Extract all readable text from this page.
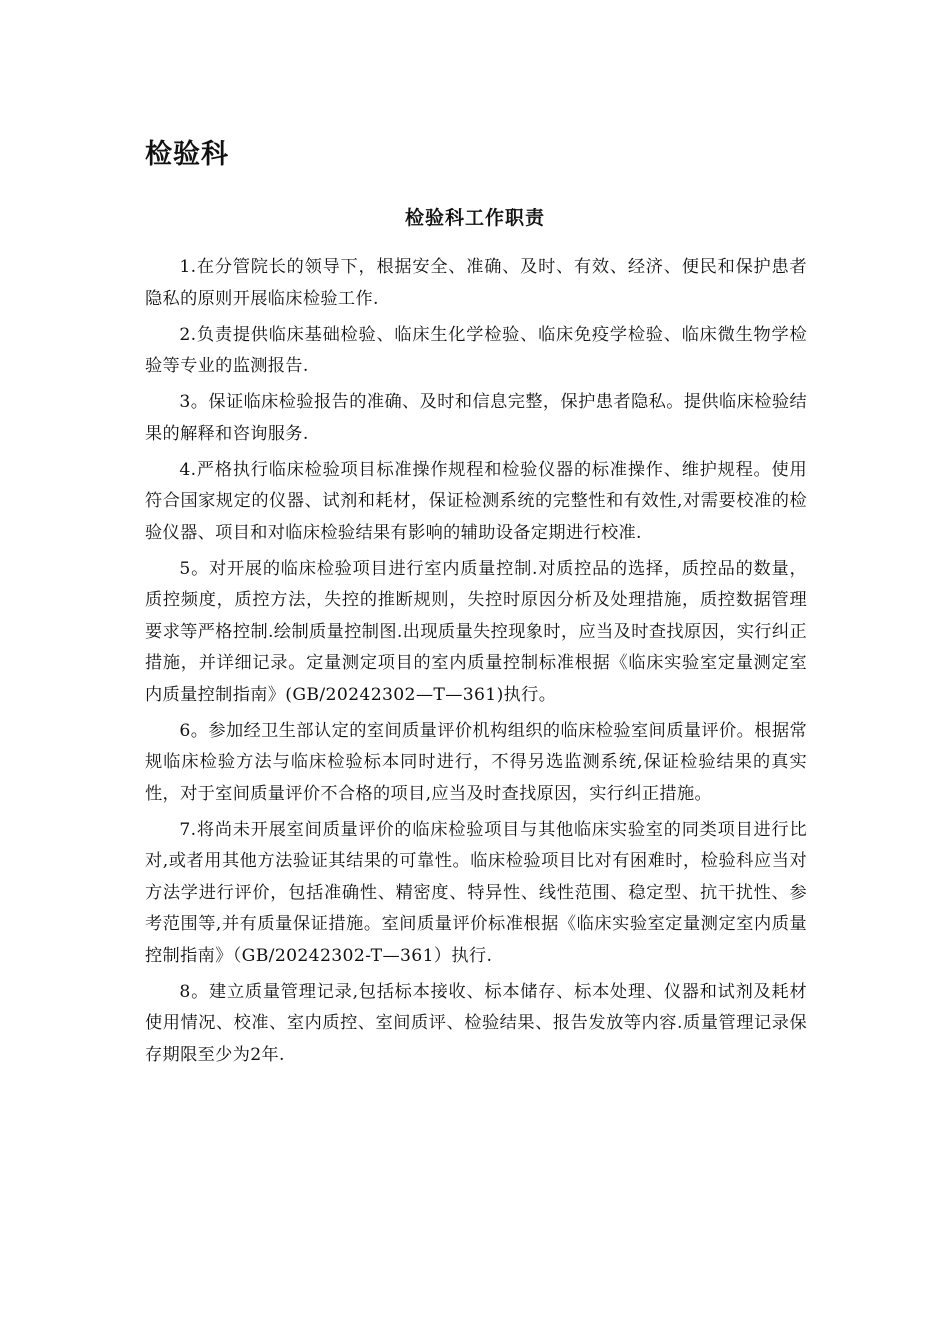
检验科
检验科工作职责

1.在分管院长的领导下，根据安全、准确、及时、有效、经济、便民和保护患者隐私的原则开展临床检验工作.

2.负责提供临床基础检验、临床生化学检验、临床免疫学检验、临床微生物学检验等专业的监测报告.

3。保证临床检验报告的准确、及时和信息完整，保护患者隐私。提供临床检验结果的解释和咨询服务.

4.严格执行临床检验项目标准操作规程和检验仪器的标准操作、维护规程。使用符合国家规定的仪器、试剂和耗材，保证检测系统的完整性和有效性,对需要校准的检验仪器、项目和对临床检验结果有影响的辅助设备定期进行校准.

5。对开展的临床检验项目进行室内质量控制.对质控品的选择，质控品的数量，质控频度，质控方法，失控的推断规则，失控时原因分析及处理措施，质控数据管理要求等严格控制.绘制质量控制图.出现质量失控现象时，应当及时查找原因，实行纠正措施，并详细记录。定量测定项目的室内质量控制标准根据《临床实验室定量测定室内质量控制指南》(GB/20242302—T—361)执行。

6。参加经卫生部认定的室间质量评价机构组织的临床检验室间质量评价。根据常规临床检验方法与临床检验标本同时进行，不得另选监测系统,保证检验结果的真实性，对于室间质量评价不合格的项目,应当及时查找原因，实行纠正措施。

7.将尚未开展室间质量评价的临床检验项目与其他临床实验室的同类项目进行比对,或者用其他方法验证其结果的可靠性。临床检验项目比对有困难时，检验科应当对方法学进行评价，包括准确性、精密度、特异性、线性范围、稳定型、抗干扰性、参考范围等,并有质量保证措施。室间质量评价标准根据《临床实验室定量测定室内质量控制指南》（GB/20242302-T—361）执行.

8。建立质量管理记录,包括标本接收、标本储存、标本处理、仪器和试剂及耗材使用情况、校准、室内质控、室间质评、检验结果、报告发放等内容.质量管理记录保存期限至少为2年.
